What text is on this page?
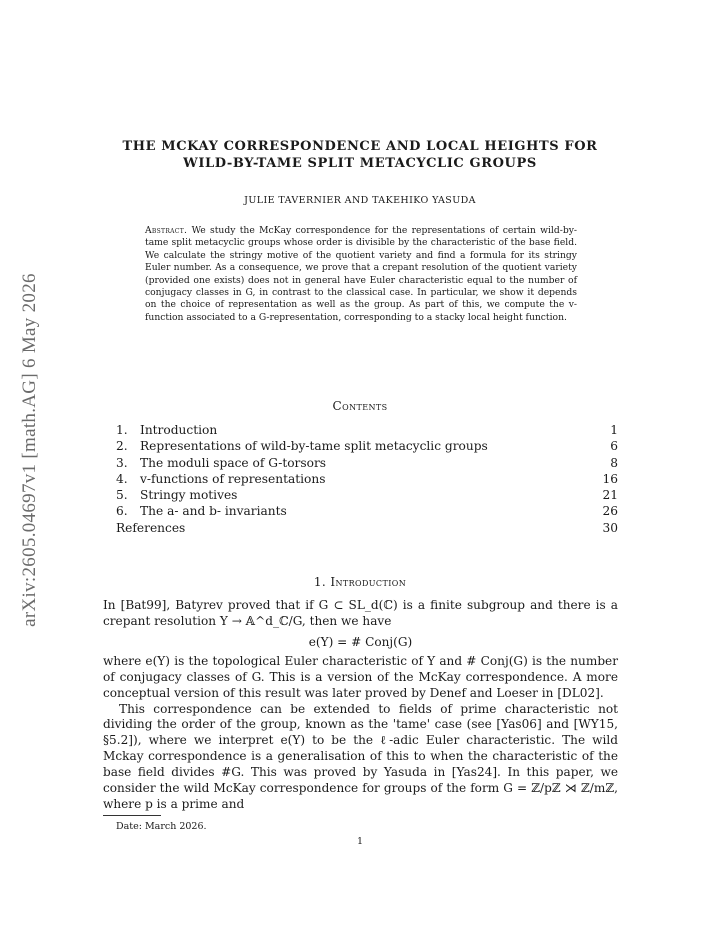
arXiv:2605.04697v1 [math.AG] 6 May 2026
THE MCKAY CORRESPONDENCE AND LOCAL HEIGHTS FOR
WILD-BY-TAME SPLIT METACYCLIC GROUPS
JULIE TAVERNIER AND TAKEHIKO YASUDA
Abstract. We study the McKay correspondence for the representations of certain wild-by-tame split metacyclic groups whose order is divisible by the characteristic of the base field. We calculate the stringy motive of the quotient variety and find a formula for its stringy Euler number. As a consequence, we prove that a crepant resolution of the quotient variety (provided one exists) does not in general have Euler characteristic equal to the number of conjugacy classes in G, in contrast to the classical case. In particular, we show it depends on the choice of representation as well as the group. As part of this, we compute the v-function associated to a G-representation, corresponding to a stacky local height function.
Contents
1. Introduction	1
2. Representations of wild-by-tame split metacyclic groups	6
3. The moduli space of G-torsors	8
4. v-functions of representations	16
5. Stringy motives	21
6. The a- and b- invariants	26
References	30
1. Introduction

In [Bat99], Batyrev proved that if G ⊂ SL_d(ℂ) is a finite subgroup and there is a crepant resolution Y → 𝔸^d_ℂ/G, then we have

e(Y) = # Conj(G)

where e(Y) is the topological Euler characteristic of Y and # Conj(G) is the number of conjugacy classes of G. This is a version of the McKay correspondence. A more conceptual version of this result was later proved by Denef and Loeser in [DL02].

This correspondence can be extended to fields of prime characteristic not dividing the order of the group, known as the 'tame' case (see [Yas06] and [WY15, §5.2]), where we interpret e(Y) to be the ℓ-adic Euler characteristic. The wild Mckay correspondence is a generalisation of this to when the characteristic of the base field divides #G. This was proved by Yasuda in [Yas24]. In this paper, we consider the wild McKay correspondence for groups of the form G = ℤ/pℤ ⋊ ℤ/mℤ, where p is a prime and

Date: March 2026.
1
